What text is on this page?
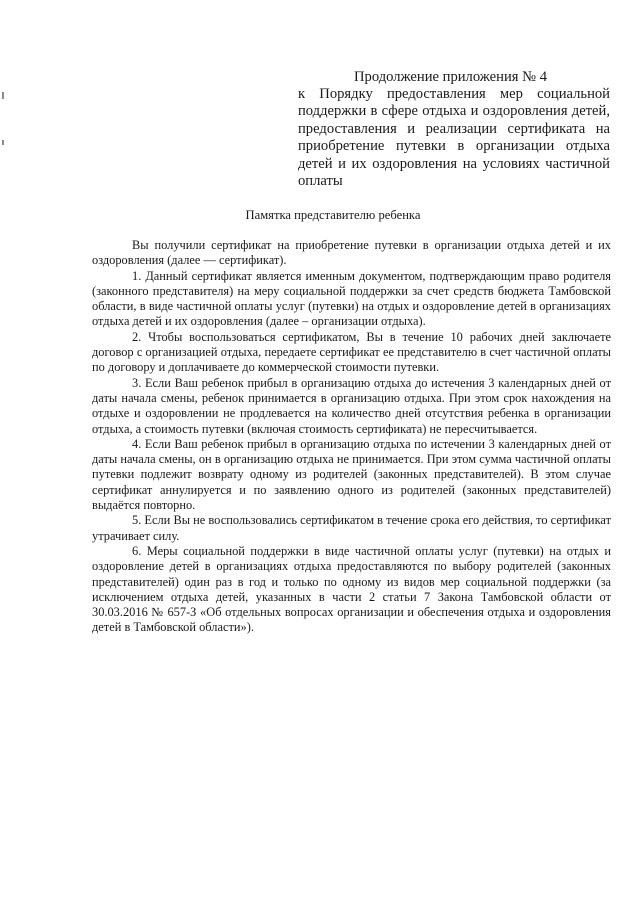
Продолжение приложения № 4
к Порядку предоставления мер социальной поддержки в сфере отдыха и оздоровления детей, предоставления и реализации сертификата на приобретение путевки в организации отдыха детей и их оздоровления на условиях частичной оплаты
Памятка представителю ребенка

Вы получили сертификат на приобретение путевки в организации отдыха детей и их оздоровления (далее — сертификат).

1. Данный сертификат является именным документом, подтверждающим право родителя (законного представителя) на меру социальной поддержки за счет средств бюджета Тамбовской области, в виде частичной оплаты услуг (путевки) на отдых и оздоровление детей в организациях отдыха детей и их оздоровления (далее – организации отдыха).

2. Чтобы воспользоваться сертификатом, Вы в течение 10 рабочих дней заключаете договор с организацией отдыха, передаете сертификат ее представителю в счет частичной оплаты по договору и доплачиваете до коммерческой стоимости путевки.

3. Если Ваш ребенок прибыл в организацию отдыха до истечения 3 календарных дней от даты начала смены, ребенок принимается в организацию отдыха. При этом срок нахождения на отдыхе и оздоровлении не продлевается на количество дней отсутствия ребенка в организации отдыха, а стоимость путевки (включая стоимость сертификата) не пересчитывается.

4. Если Ваш ребенок прибыл в организацию отдыха по истечении 3 календарных дней от даты начала смены, он в организацию отдыха не принимается. При этом сумма частичной оплаты путевки подлежит возврату одному из родителей (законных представителей). В этом случае сертификат аннулируется и по заявлению одного из родителей (законных представителей) выдаётся повторно.

5. Если Вы не воспользовались сертификатом в течение срока его действия, то сертификат утрачивает силу.

6. Меры социальной поддержки в виде частичной оплаты услуг (путевки) на отдых и оздоровление детей в организациях отдыха предоставляются по выбору родителей (законных представителей) один раз в год и только по одному из видов мер социальной поддержки (за исключением отдыха детей, указанных в части 2 статьи 7 Закона Тамбовской области от 30.03.2016 № 657-З «Об отдельных вопросах организации и обеспечения отдыха и оздоровления детей в Тамбовской области»).
